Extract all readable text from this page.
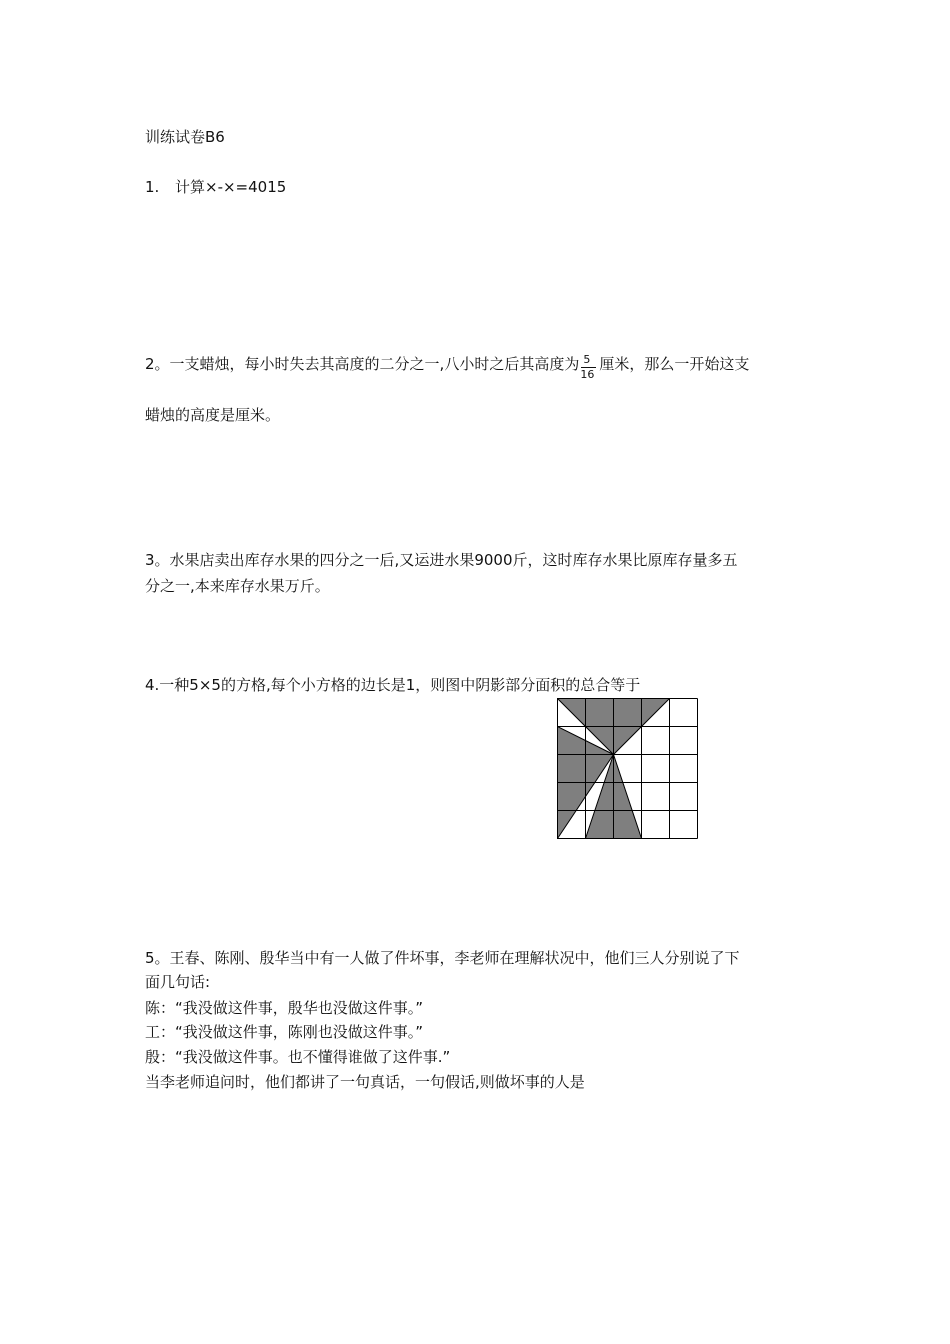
训练试卷B6
1. 计算×-×=4015
2。一支蜡烛，每小时失去其高度的二分之一,八小时之后其高度为 $\frac{5}{16}$ 厘米，那么一开始这支
蜡烛的高度是厘米。
3。水果店卖出库存水果的四分之一后,又运进水果9000斤，这时库存水果比原库存量多五
分之一,本来库存水果万斤。
4.一种5×5的方格,每个小方格的边长是1，则图中阴影部分面积的总合等于
5。王春、陈刚、殷华当中有一人做了件坏事，李老师在理解状况中，他们三人分别说了下
面几句话:
陈：“我没做这件事，殷华也没做这件事。”
工：“我没做这件事，陈刚也没做这件事。”
殷：“我没做这件事。也不懂得谁做了这件事.”
当李老师追问时，他们都讲了一句真话，一句假话,则做坏事的人是
